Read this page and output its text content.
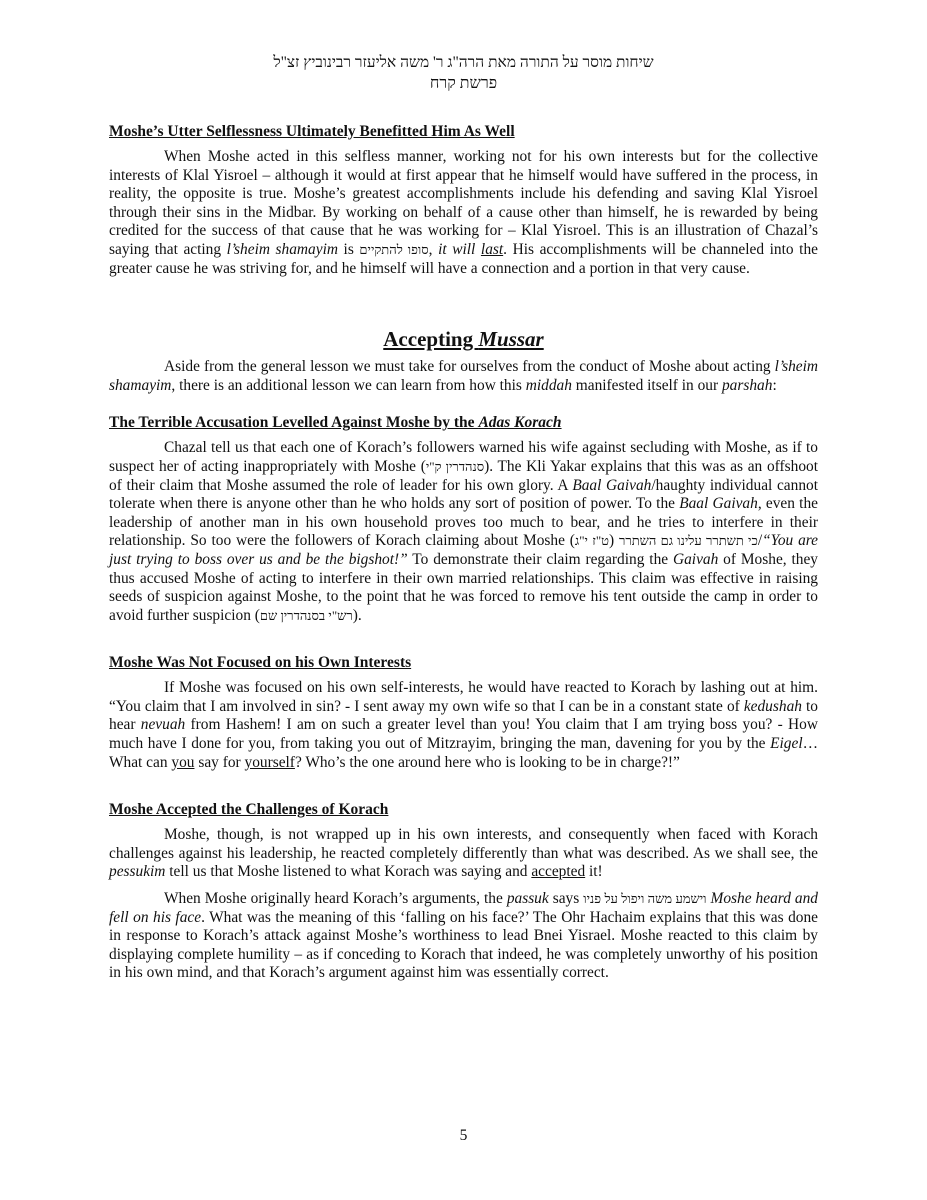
שיחות מוסר על התורה מאת הרה"ג ר' משה אליעזר רבינוביץ זצ"ל
פרשת קרח
Moshe’s Utter Selflessness Ultimately Benefitted Him As Well

When Moshe acted in this selfless manner, working not for his own interests but for the collective interests of Klal Yisroel – although it would at first appear that he himself would have suffered in the process, in reality, the opposite is true. Moshe’s greatest accomplishments include his defending and saving Klal Yisroel through their sins in the Midbar. By working on behalf of a cause other than himself, he is rewarded by being credited for the success of that cause that he was working for – Klal Yisroel. This is an illustration of Chazal’s saying that acting l’sheim shamayim is סופו להתקיים, it will last. His accomplishments will be channeled into the greater cause he was striving for, and he himself will have a connection and a portion in that very cause.

Accepting Mussar

Aside from the general lesson we must take for ourselves from the conduct of Moshe about acting l’sheim shamayim, there is an additional lesson we can learn from how this middah manifested itself in our parshah:

The Terrible Accusation Levelled Against Moshe by the Adas Korach

Chazal tell us that each one of Korach’s followers warned his wife against secluding with Moshe, as if to suspect her of acting inappropriately with Moshe (סנהדרין ק"י). The Kli Yakar explains that this was as an offshoot of their claim that Moshe assumed the role of leader for his own glory. A Baal Gaivah/haughty individual cannot tolerate when there is anyone other than he who holds any sort of position of power. To the Baal Gaivah, even the leadership of another man in his own household proves too much to bear, and he tries to interfere in their relationship. So too were the followers of Korach claiming about Moshe (ט"ז י"ג) כי תשתרר עלינו גם השתרר/“You are just trying to boss over us and be the bigshot!” To demonstrate their claim regarding the Gaivah of Moshe, they thus accused Moshe of acting to interfere in their own married relationships. This claim was effective in raising seeds of suspicion against Moshe, to the point that he was forced to remove his tent outside the camp in order to avoid further suspicion (רש"י בסנהדרין שם).

Moshe Was Not Focused on his Own Interests

If Moshe was focused on his own self-interests, he would have reacted to Korach by lashing out at him. “You claim that I am involved in sin? - I sent away my own wife so that I can be in a constant state of kedushah to hear nevuah from Hashem! I am on such a greater level than you! You claim that I am trying boss you? - How much have I done for you, from taking you out of Mitzrayim, bringing the man, davening for you by the Eigel… What can you say for yourself? Who’s the one around here who is looking to be in charge?!”

Moshe Accepted the Challenges of Korach

Moshe, though, is not wrapped up in his own interests, and consequently when faced with Korach challenges against his leadership, he reacted completely differently than what was described. As we shall see, the pessukim tell us that Moshe listened to what Korach was saying and accepted it!

When Moshe originally heard Korach’s arguments, the passuk says וישמע משה ויפול על פניו Moshe heard and fell on his face. What was the meaning of this ‘falling on his face?’ The Ohr Hachaim explains that this was done in response to Korach’s attack against Moshe’s worthiness to lead Bnei Yisrael. Moshe reacted to this claim by displaying complete humility – as if conceding to Korach that indeed, he was completely unworthy of his position in his own mind, and that Korach’s argument against him was essentially correct.

5
